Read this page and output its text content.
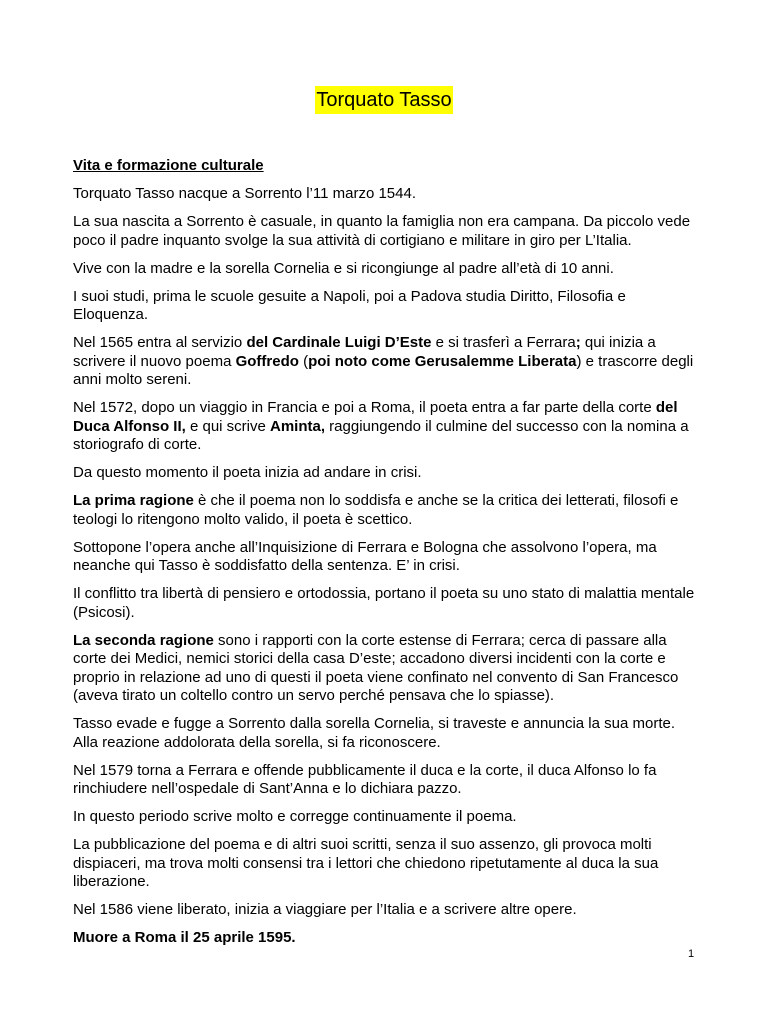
Torquato Tasso

Vita e formazione culturale

Torquato Tasso nacque a Sorrento l’11 marzo 1544.

La sua nascita a Sorrento è casuale, in quanto la famiglia non era campana. Da piccolo vede poco il padre inquanto svolge la sua attività di cortigiano e militare in giro per L’Italia.

Vive con la madre e la sorella Cornelia e si ricongiunge al padre all’età di 10 anni.

I suoi studi, prima le scuole gesuite a Napoli, poi a Padova studia Diritto, Filosofia e Eloquenza.

Nel 1565 entra al servizio del Cardinale Luigi D’Este e si trasferì a Ferrara; qui inizia a scrivere il nuovo poema Goffredo (poi noto come Gerusalemme Liberata) e trascorre degli anni molto sereni.

Nel 1572, dopo un viaggio in Francia e poi a Roma, il poeta entra a far parte della corte del Duca Alfonso II, e qui scrive Aminta, raggiungendo il culmine del successo con la nomina a storiografo di corte.

Da questo momento il poeta inizia ad andare in crisi.

La prima ragione è che il poema non lo soddisfa e anche se la critica dei letterati, filosofi e teologi lo ritengono molto valido, il poeta è scettico.

Sottopone l’opera anche all’Inquisizione di Ferrara e Bologna che assolvono l’opera, ma neanche qui Tasso è soddisfatto della sentenza. E’ in crisi.

Il conflitto tra libertà di pensiero e ortodossia, portano il poeta su uno stato di malattia mentale (Psicosi).

La seconda ragione sono i rapporti con la corte estense di Ferrara; cerca di passare alla corte dei Medici, nemici storici della casa D’este; accadono diversi incidenti con la corte e proprio in relazione ad uno di questi il poeta viene confinato nel convento di San Francesco (aveva tirato un coltello contro un servo perché pensava che lo spiasse).

Tasso evade e fugge a Sorrento dalla sorella Cornelia, si traveste e annuncia la sua morte. Alla reazione addolorata della sorella, si fa riconoscere.

Nel 1579 torna a Ferrara e offende pubblicamente il duca e la corte, il duca Alfonso lo fa rinchiudere nell’ospedale di Sant’Anna e lo dichiara pazzo.

In questo periodo scrive molto e corregge continuamente il poema.

La pubblicazione del poema e di altri suoi scritti, senza il suo assenzo, gli provoca molti dispiaceri, ma trova molti consensi tra i lettori che chiedono ripetutamente al duca la sua liberazione.

Nel 1586 viene liberato, inizia a viaggiare per l’Italia e a scrivere altre opere.

Muore a Roma il 25 aprile 1595.

1
